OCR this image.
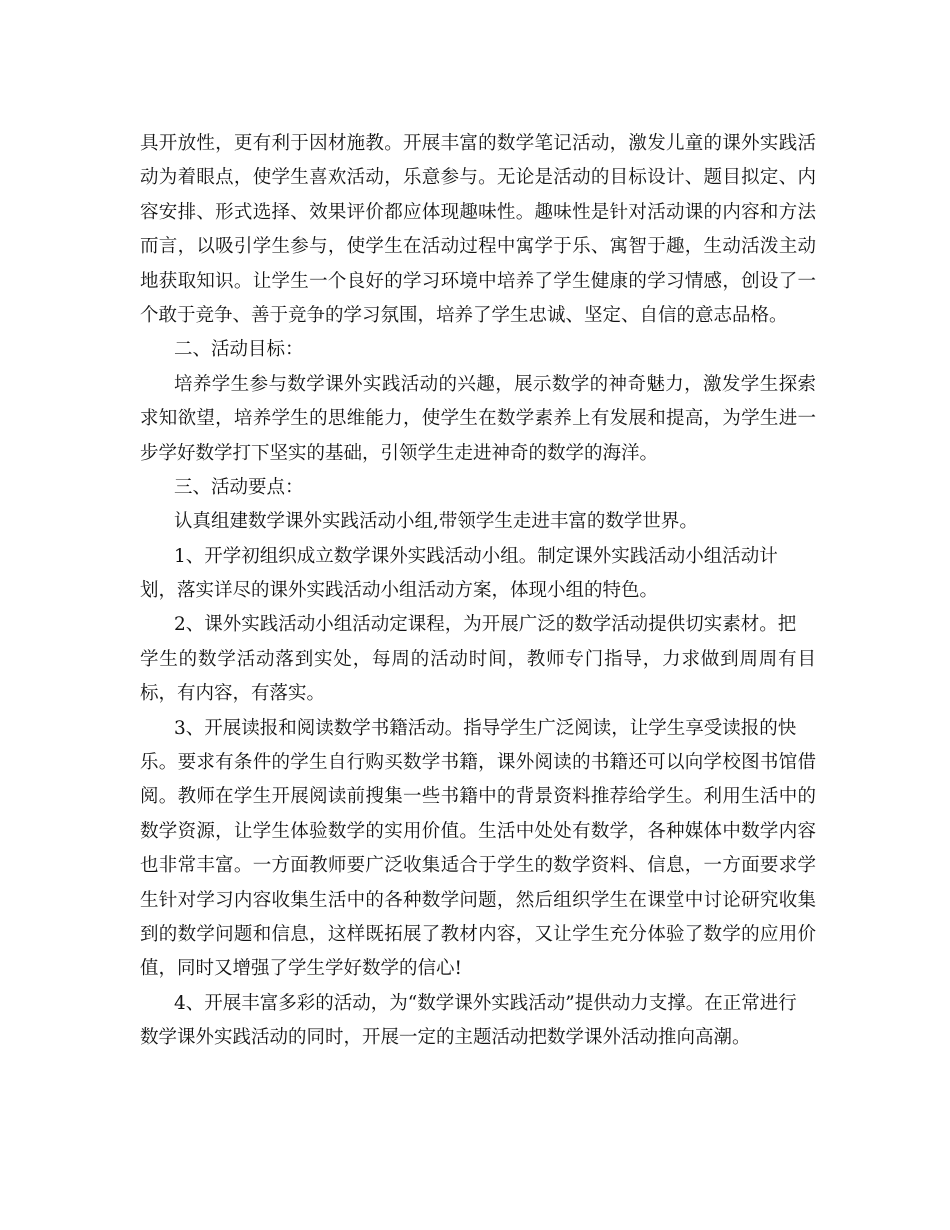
具开放性，更有利于因材施教。开展丰富的数学笔记活动，激发儿童的课外实践活
动为着眼点，使学生喜欢活动，乐意参与。无论是活动的目标设计、题目拟定、内
容安排、形式选择、效果评价都应体现趣味性。趣味性是针对活动课的内容和方法
而言，以吸引学生参与，使学生在活动过程中寓学于乐、寓智于趣，生动活泼主动
地获取知识。让学生一个良好的学习环境中培养了学生健康的学习情感，创设了一
个敢于竞争、善于竞争的学习氛围，培养了学生忠诚、坚定、自信的意志品格。
二、活动目标：
培养学生参与数学课外实践活动的兴趣，展示数学的神奇魅力，激发学生探索
求知欲望，培养学生的思维能力，使学生在数学素养上有发展和提高，为学生进一
步学好数学打下坚实的基础，引领学生走进神奇的数学的海洋。
三、活动要点：
认真组建数学课外实践活动小组,带领学生走进丰富的数学世界。
1、开学初组织成立数学课外实践活动小组。制定课外实践活动小组活动计
划，落实详尽的课外实践活动小组活动方案，体现小组的特色。
2、课外实践活动小组活动定课程，为开展广泛的数学活动提供切实素材。把
学生的数学活动落到实处，每周的活动时间，教师专门指导，力求做到周周有目
标，有内容，有落实。
3、开展读报和阅读数学书籍活动。指导学生广泛阅读，让学生享受读报的快
乐。要求有条件的学生自行购买数学书籍，课外阅读的书籍还可以向学校图书馆借
阅。教师在学生开展阅读前搜集一些书籍中的背景资料推荐给学生。利用生活中的
数学资源，让学生体验数学的实用价值。生活中处处有数学，各种媒体中数学内容
也非常丰富。一方面教师要广泛收集适合于学生的数学资料、信息，一方面要求学
生针对学习内容收集生活中的各种数学问题，然后组织学生在课堂中讨论研究收集
到的数学问题和信息，这样既拓展了教材内容，又让学生充分体验了数学的应用价
值，同时又增强了学生学好数学的信心!
4、开展丰富多彩的活动，为“数学课外实践活动”提供动力支撑。在正常进行
数学课外实践活动的同时，开展一定的主题活动把数学课外活动推向高潮。
